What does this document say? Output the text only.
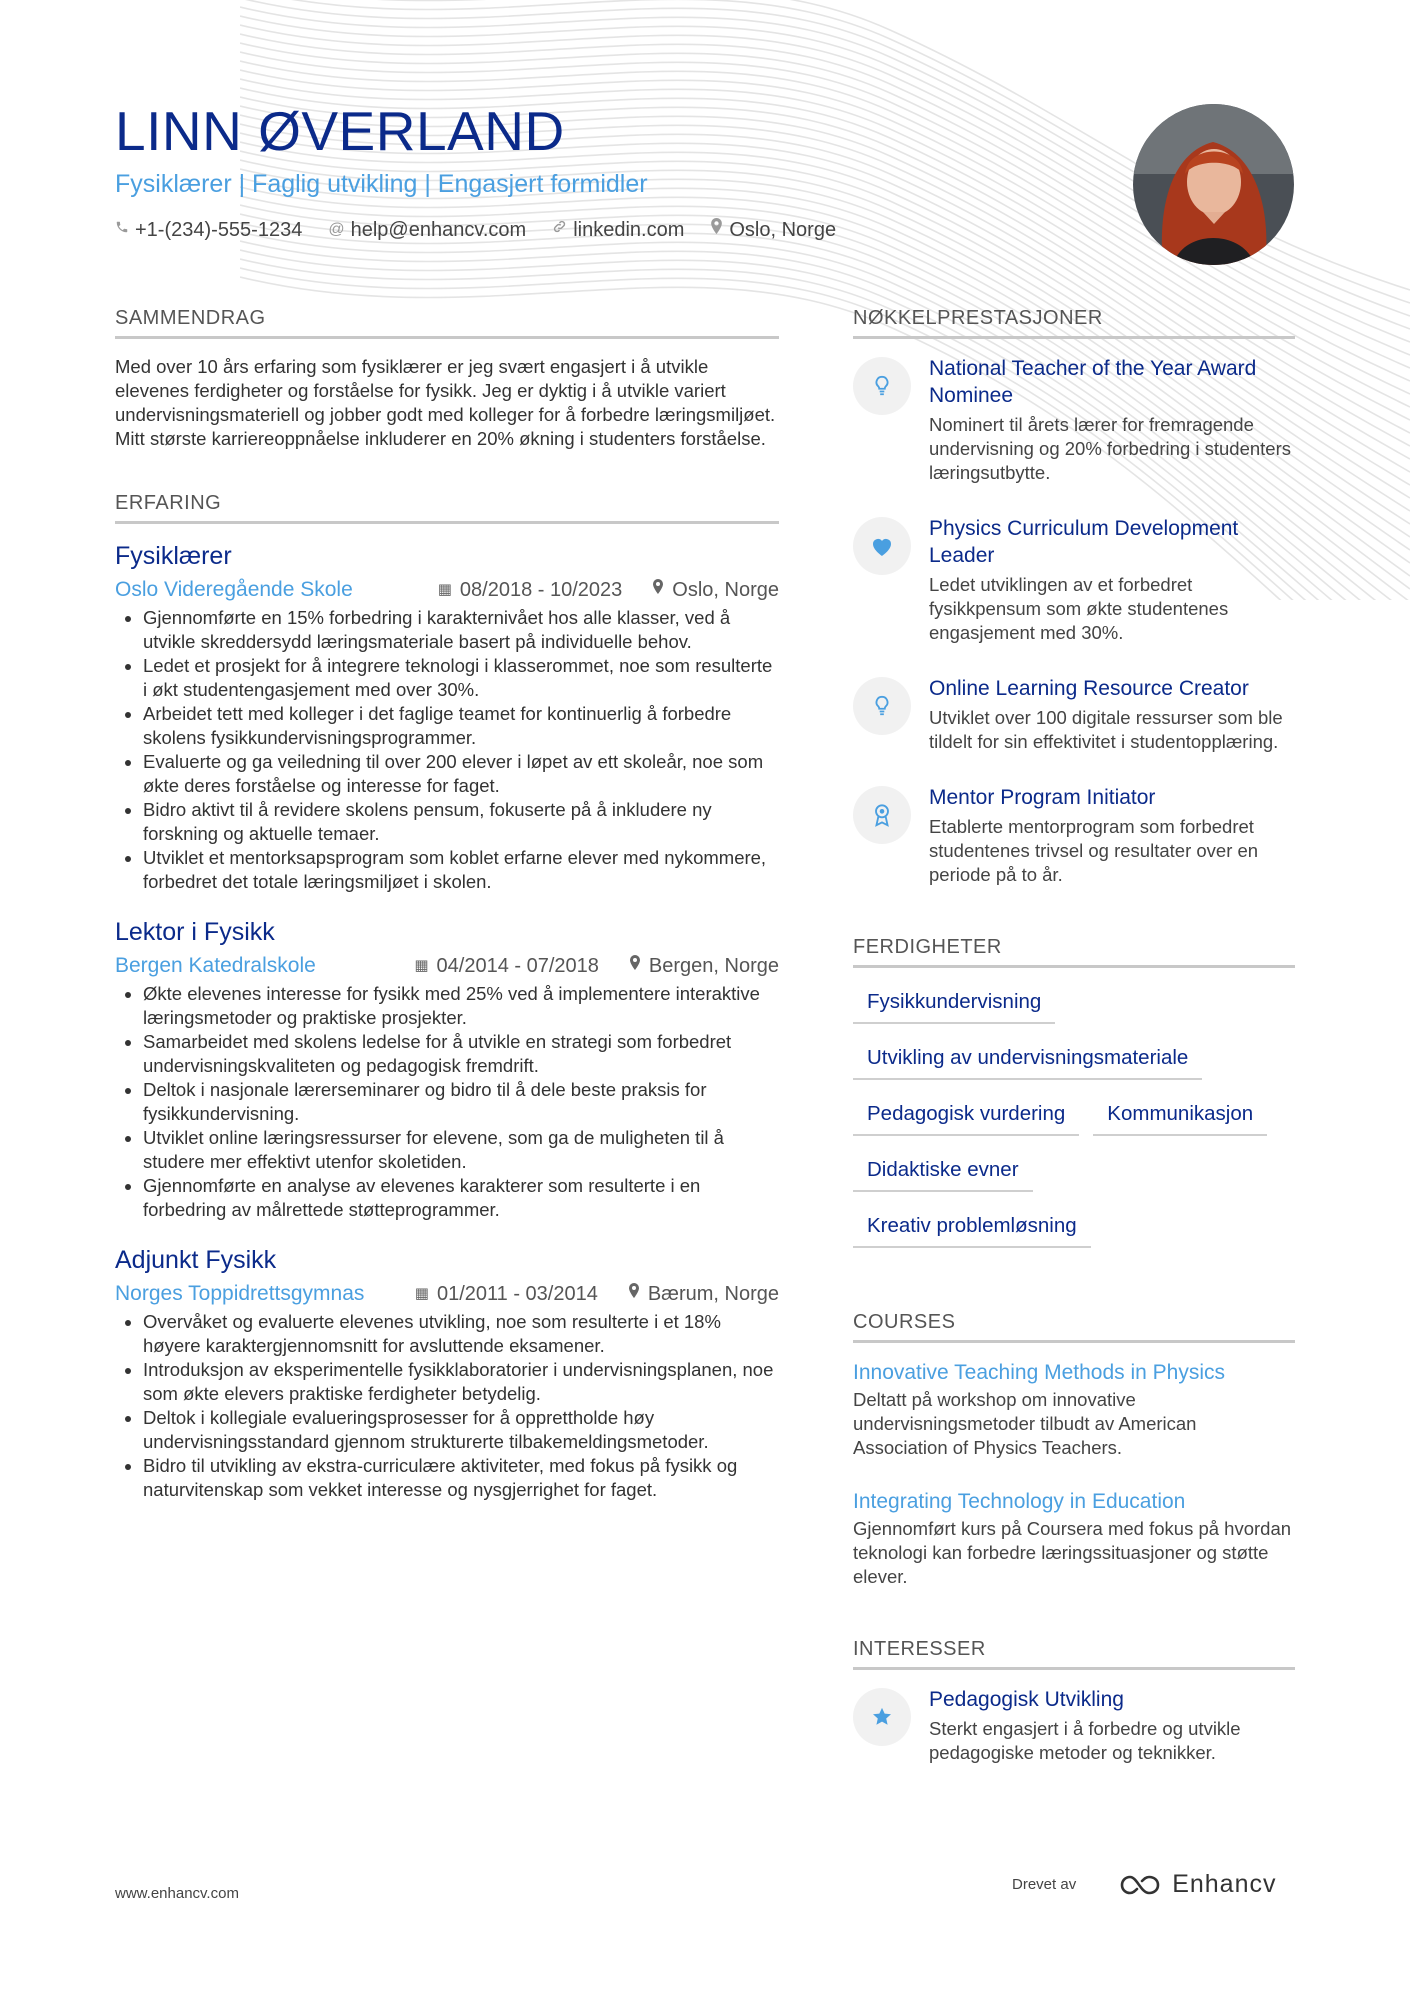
LINN ØVERLAND
Fysiklærer | Faglig utvikling | Engasjert formidler
+1-(234)-555-1234 @ help@enhancv.com linkedin.com Oslo, Norge
SAMMENDRAG

Med over 10 års erfaring som fysiklærer er jeg svært engasjert i å utvikle elevenes ferdigheter og forståelse for fysikk. Jeg er dyktig i å utvikle variert undervisningsmateriell og jobber godt med kolleger for å forbedre læringsmiljøet. Mitt største karriereoppnåelse inkluderer en 20% økning i studenters forståelse.

ERFARING
Fysiklærer
Oslo Videregående Skole	▦ 08/2018 - 10/2023	Oslo, Norge
• Gjennomførte en 15% forbedring i karakternivået hos alle klasser, ved å utvikle skreddersydd læringsmateriale basert på individuelle behov.
• Ledet et prosjekt for å integrere teknologi i klasserommet, noe som resulterte i økt studentengasjement med over 30%.
• Arbeidet tett med kolleger i det faglige teamet for kontinuerlig å forbedre skolens fysikkundervisningsprogrammer.
• Evaluerte og ga veiledning til over 200 elever i løpet av ett skoleår, noe som økte deres forståelse og interesse for faget.
• Bidro aktivt til å revidere skolens pensum, fokuserte på å inkludere ny forskning og aktuelle temaer.
• Utviklet et mentorksapsprogram som koblet erfarne elever med nykommere, forbedret det totale læringsmiljøet i skolen.
Lektor i Fysikk
Bergen Katedralskole	▦ 04/2014 - 07/2018	Bergen, Norge
• Økte elevenes interesse for fysikk med 25% ved å implementere interaktive læringsmetoder og praktiske prosjekter.
• Samarbeidet med skolens ledelse for å utvikle en strategi som forbedret undervisningskvaliteten og pedagogisk fremdrift.
• Deltok i nasjonale lærerseminarer og bidro til å dele beste praksis for fysikkundervisning.
• Utviklet online læringsressurser for elevene, som ga de muligheten til å studere mer effektivt utenfor skoletiden.
• Gjennomførte en analyse av elevenes karakterer som resulterte i en forbedring av målrettede støtteprogrammer.
Adjunkt Fysikk
Norges Toppidrettsgymnas	▦ 01/2011 - 03/2014	Bærum, Norge
• Overvåket og evaluerte elevenes utvikling, noe som resulterte i et 18% høyere karaktergjennomsnitt for avsluttende eksamener.
• Introduksjon av eksperimentelle fysikklaboratorier i undervisningsplanen, noe som økte elevers praktiske ferdigheter betydelig.
• Deltok i kollegiale evalueringsprosesser for å opprettholde høy undervisningsstandard gjennom strukturerte tilbakemeldingsmetoder.
• Bidro til utvikling av ekstra-curriculære aktiviteter, med fokus på fysikk og naturvitenskap som vekket interesse og nysgjerrighet for faget.
NØKKELPRESTASJONER
National Teacher of the Year Award Nominee
Nominert til årets lærer for fremragende undervisning og 20% forbedring i studenters læringsutbytte.
Physics Curriculum Development Leader
Ledet utviklingen av et forbedret fysikkpensum som økte studentenes engasjement med 30%.
Online Learning Resource Creator
Utviklet over 100 digitale ressurser som ble tildelt for sin effektivitet i studentopplæring.
Mentor Program Initiator
Etablerte mentorprogram som forbedret studentenes trivsel og resultater over en periode på to år.
FERDIGHETER
Fysikkundervisning
Utvikling av undervisningsmateriale
Pedagogisk vurdering	Kommunikasjon
Didaktiske evner
Kreativ problemløsning
COURSES
Innovative Teaching Methods in Physics
Deltatt på workshop om innovative undervisningsmetoder tilbudt av American Association of Physics Teachers.
Integrating Technology in Education
Gjennomført kurs på Coursera med fokus på hvordan teknologi kan forbedre læringssituasjoner og støtte elever.
INTERESSER
Pedagogisk Utvikling
Sterkt engasjert i å forbedre og utvikle pedagogiske metoder og teknikker.
www.enhancv.com
Drevet av	Enhancv
